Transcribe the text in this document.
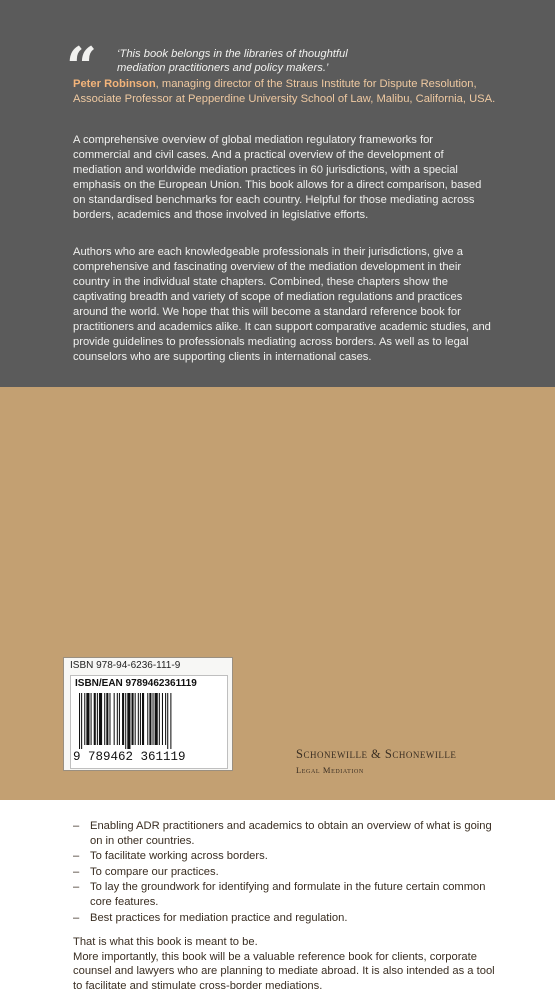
“	‘This book belongs in the libraries of thoughtful

mediation practitioners and policy makers.’

Peter Robinson, managing director of the Straus Institute for Dispute Resolution, Associate Professor at Pepperdine University School of Law, Malibu, California, USA.

A comprehensive overview of global mediation regulatory frameworks for commercial and civil cases. And a practical overview of the development of mediation and worldwide mediation practices in 60 jurisdictions, with a special emphasis on the European Union. This book allows for a direct comparison, based on standardised benchmarks for each country. Helpful for those mediating across borders, academics and those involved in legislative efforts.

Authors who are each knowledgeable professionals in their jurisdictions, give a comprehensive and fascinating overview of the mediation development in their country in the individual state chapters. Combined, these chapters show the captivating breadth and variety of scope of mediation regulations and practices around the world. We hope that this will become a standard reference book for practitioners and academics alike. It can support comparative academic studies, and provide guidelines to professionals mediating across borders. As well as to legal counselors who are supporting clients in international cases.

– Enabling ADR practitioners and academics to obtain an overview of what is going on in other countries.
– To facilitate working across borders.
– To compare our practices.
– To lay the groundwork for identifying and formulate in the future certain common core features.
– Best practices for mediation practice and regulation.

That is what this book is meant to be.

More importantly, this book will be a valuable reference book for clients, corporate counsel and lawyers who are planning to mediate abroad. It is also intended as a tool to facilitate and stimulate cross-border mediations.

ISBN 978-94-6236-111-9
ISBN/EAN 9789462361119
9 789462 361119	Schonewille & Schonewille
Legal Mediation
